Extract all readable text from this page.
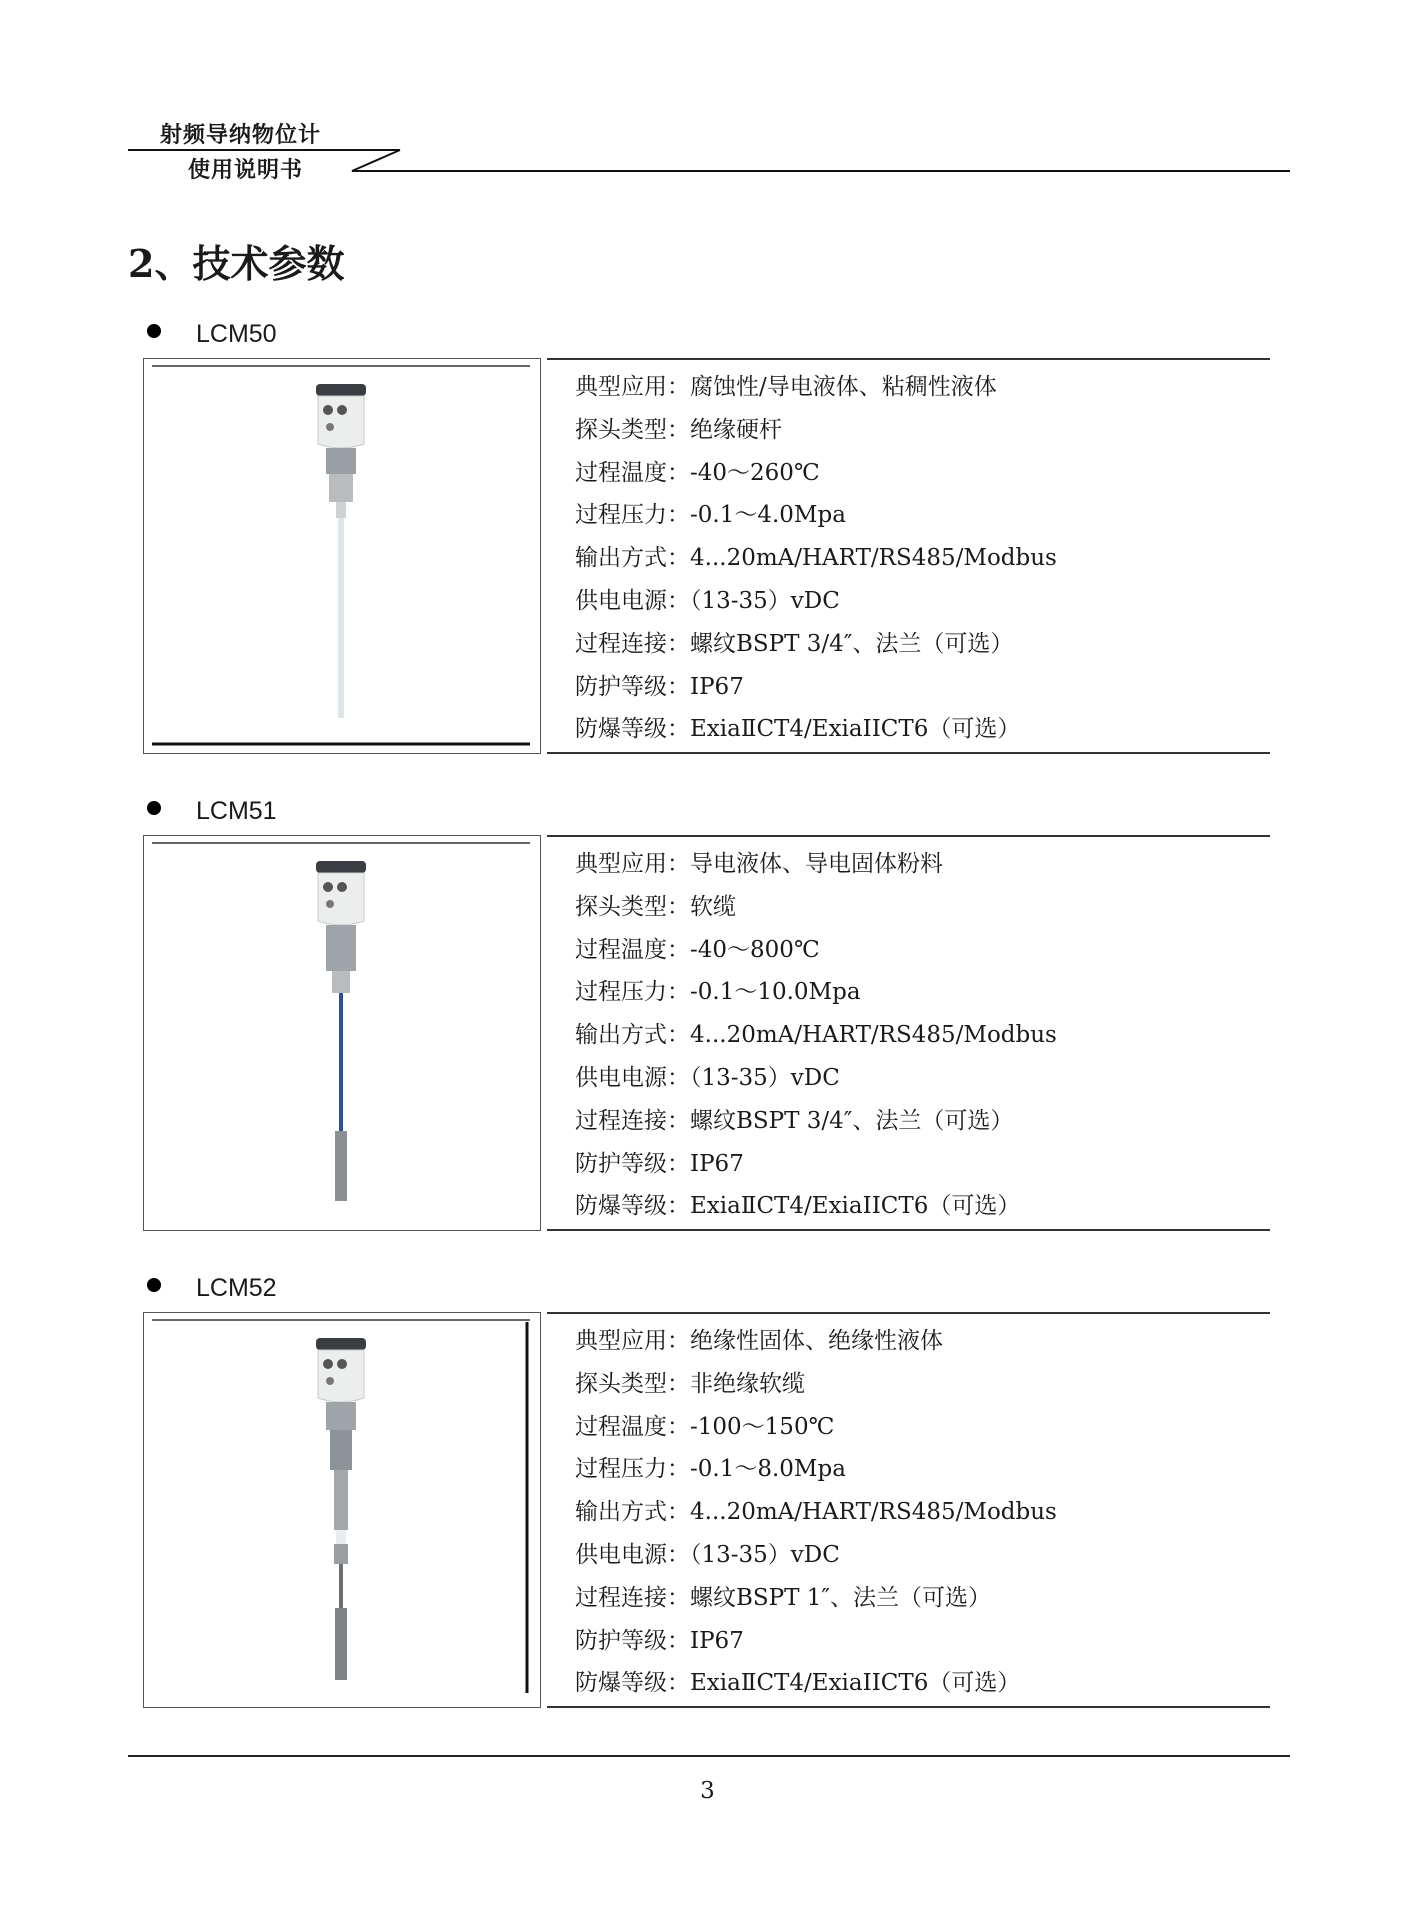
射频导纳物位计
使用说明书
2、技术参数
LCM50
典型应用：腐蚀性/导电液体、粘稠性液体
探头类型：绝缘硬杆
过程温度：-40～260℃
过程压力：-0.1～4.0Mpa
输出方式：4...20mA/HART/RS485/Modbus
供电电源：（13-35）vDC
过程连接：螺纹BSPT 3/4″、法兰（可选）
防护等级：IP67
防爆等级：ExiaⅡCT4/ExiaIICT6（可选）
LCM51
典型应用：导电液体、导电固体粉料
探头类型：软缆
过程温度：-40～800℃
过程压力：-0.1～10.0Mpa
输出方式：4...20mA/HART/RS485/Modbus
供电电源：（13-35）vDC
过程连接：螺纹BSPT 3/4″、法兰（可选）
防护等级：IP67
防爆等级：ExiaⅡCT4/ExiaIICT6（可选）
LCM52
典型应用：绝缘性固体、绝缘性液体
探头类型：非绝缘软缆
过程温度：-100～150℃
过程压力：-0.1～8.0Mpa
输出方式：4...20mA/HART/RS485/Modbus
供电电源：（13-35）vDC
过程连接：螺纹BSPT 1″、法兰（可选）
防护等级：IP67
防爆等级：ExiaⅡCT4/ExiaIICT6（可选）
3
